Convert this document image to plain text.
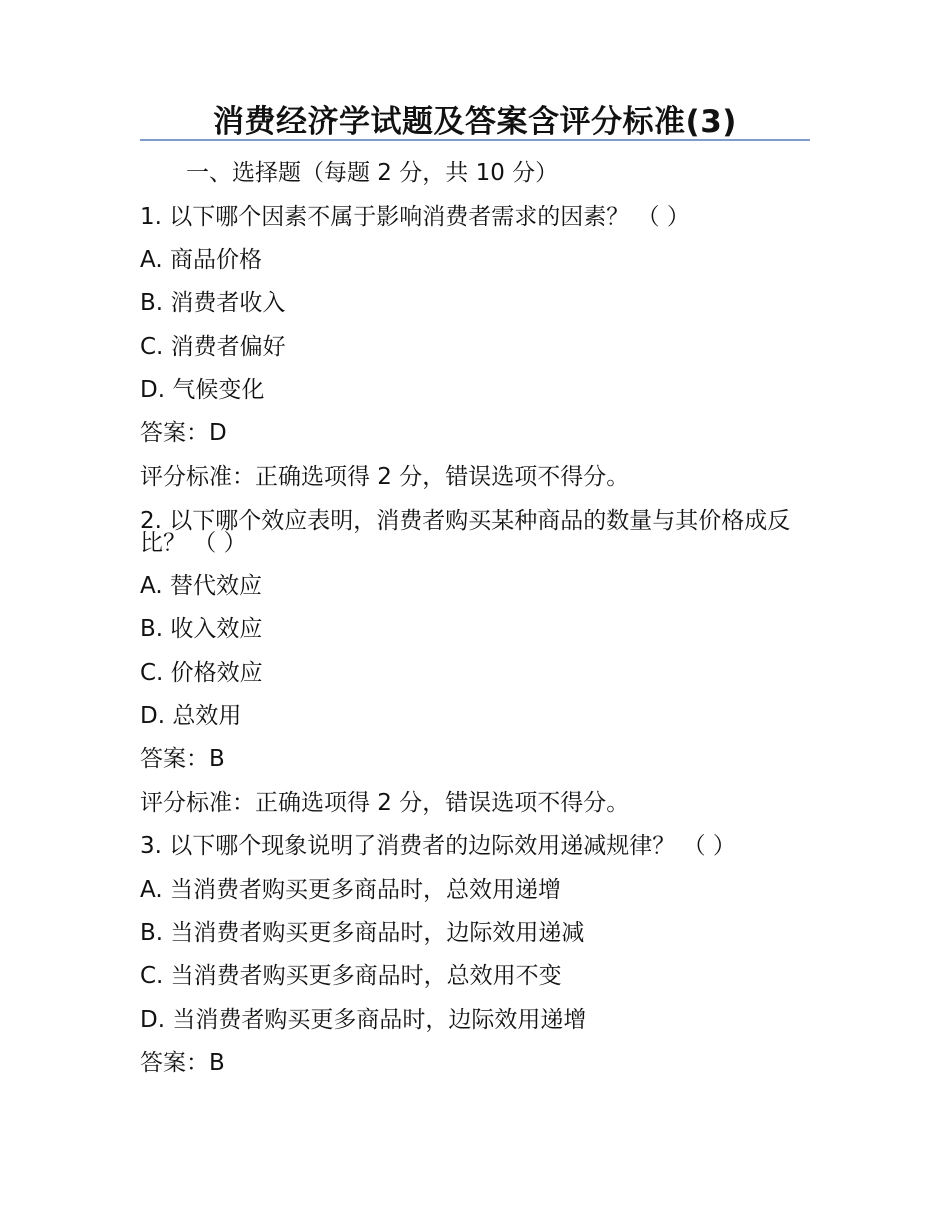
消费经济学试题及答案含评分标准(3)
一、选择题（每题 2 分，共 10 分）
1. 以下哪个因素不属于影响消费者需求的因素？ （ ）
A. 商品价格
B. 消费者收入
C. 消费者偏好
D. 气候变化
答案：D
评分标准：正确选项得 2 分，错误选项不得分。
2. 以下哪个效应表明，消费者购买某种商品的数量与其价格成反比？ （ ）
A. 替代效应
B. 收入效应
C. 价格效应
D. 总效用
答案：B
评分标准：正确选项得 2 分，错误选项不得分。
3. 以下哪个现象说明了消费者的边际效用递减规律？ （ ）
A. 当消费者购买更多商品时，总效用递增
B. 当消费者购买更多商品时，边际效用递减
C. 当消费者购买更多商品时，总效用不变
D. 当消费者购买更多商品时，边际效用递增
答案：B
